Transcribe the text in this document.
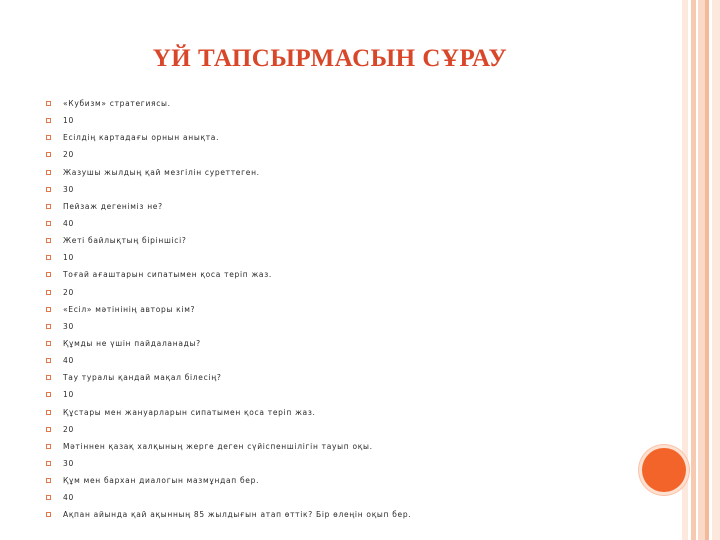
ҮЙ ТАПСЫРМАСЫН СҰРАУ
«Кубизм» стратегиясы.
10
Есілдің картадағы орнын анықта.
20
Жазушы жылдың қай мезгілін суреттеген.
30
Пейзаж дегеніміз не?
40
Жеті байлықтың біріншісі?
10
Тоғай ағаштарын сипатымен қоса теріп жаз.
20
«Есіл» мәтінінің авторы кім?
30
Құмды не үшін пайдаланады?
40
Тау туралы қандай мақал білесің?
10
Құстары мен жануарларын сипатымен қоса теріп жаз.
20
Мәтіннен қазақ халқының жерге деген сүйіспеншілігін тауып оқы.
30
Құм мен бархан диалогын мазмұндап бер.
40
Ақпан айында қай ақынның 85 жылдығын атап өттік? Бір өлеңін оқып бер.
